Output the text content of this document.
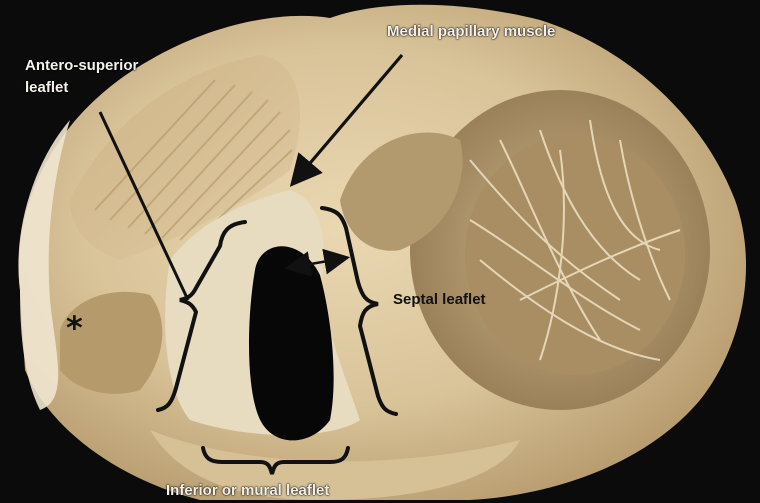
Medial papillary muscle
Antero-superior
leaflet
Septal leaflet
Inferior or mural leaflet
*
